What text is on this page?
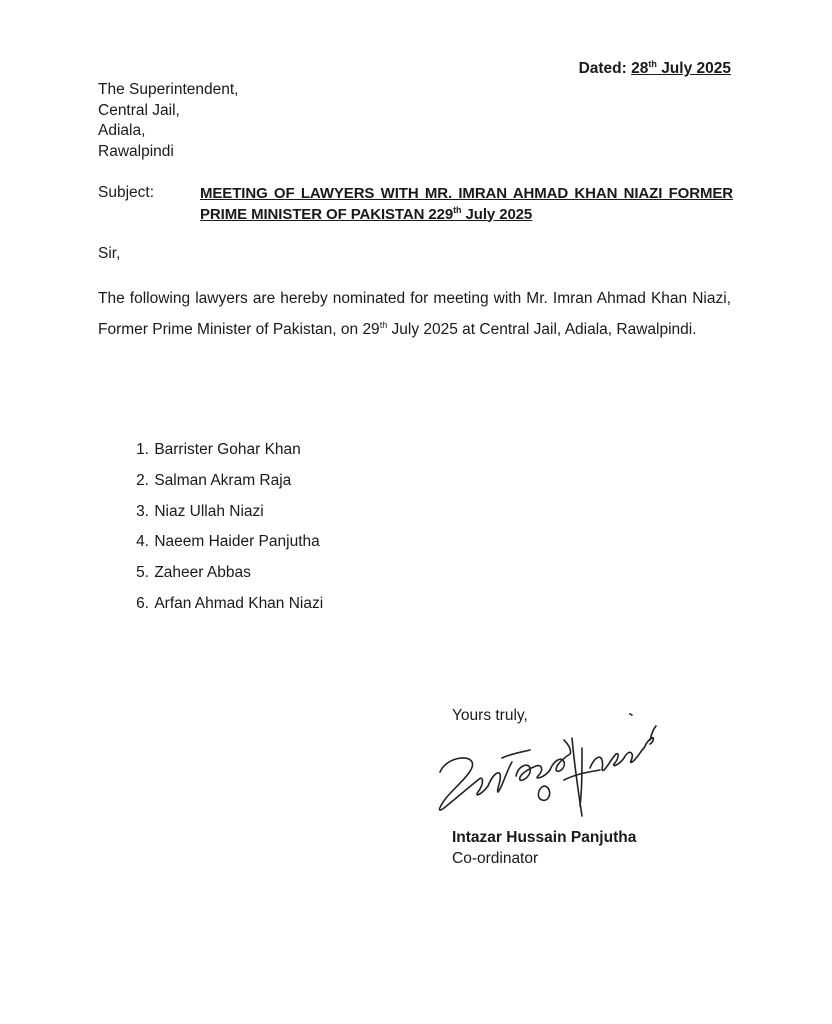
Dated: 28th July 2025
The Superintendent,
Central Jail,
Adiala,
Rawalpindi
Subject:	MEETING OF LAWYERS WITH MR. IMRAN AHMAD KHAN NIAZI FORMER PRIME MINISTER OF PAKISTAN 229th July 2025
Sir,
The following lawyers are hereby nominated for meeting with Mr. Imran Ahmad Khan Niazi, Former Prime Minister of Pakistan, on 29th July 2025 at Central Jail, Adiala, Rawalpindi.
1. Barrister Gohar Khan
2. Salman Akram Raja
3. Niaz Ullah Niazi
4. Naeem Haider Panjutha
5. Zaheer Abbas
6. Arfan Ahmad Khan Niazi
Yours truly,
Intazar Hussain Panjutha
Co-ordinator
